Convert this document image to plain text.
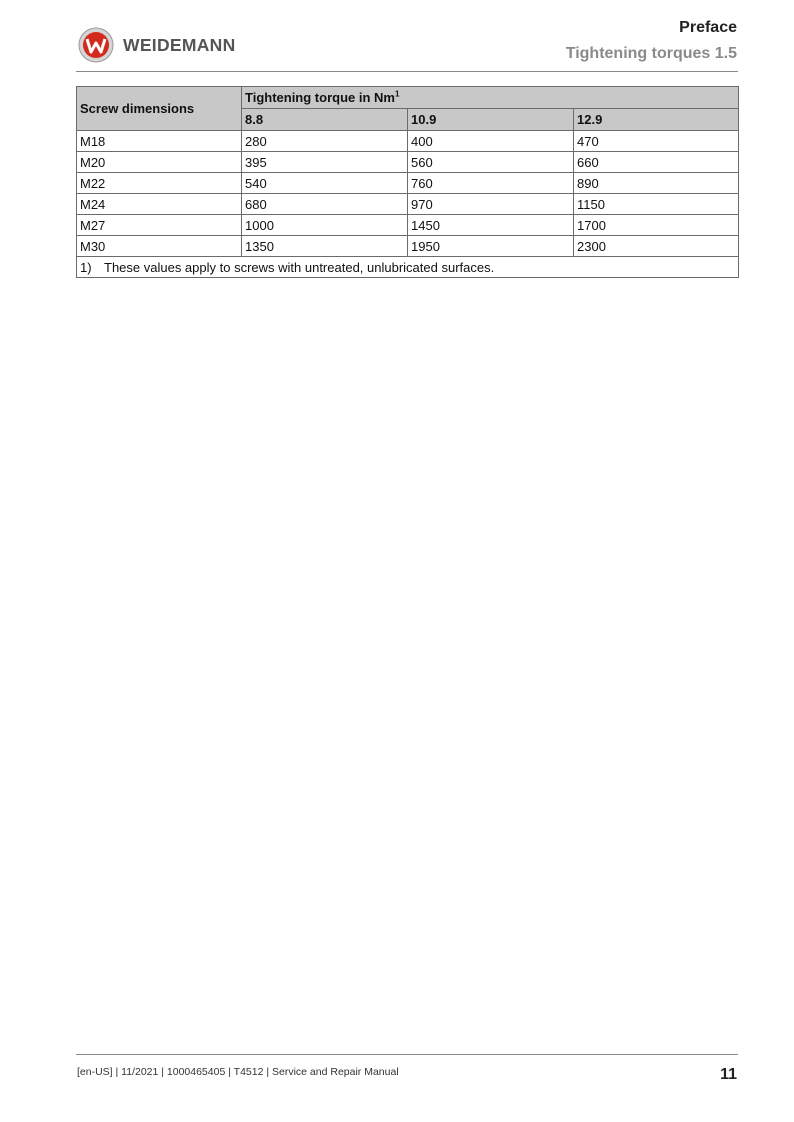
WEIDEMANN
Preface
Tightening torques 1.5
Screw dimensions	Tightening torque in Nm$^1$
	8.8	10.9	12.9
M18	280	400	470
M20	395	560	660
M22	540	760	890
M24	680	970	1150
M27	1000	1450	1700
M30	1350	1950	2300
1) These values apply to screws with untreated, unlubricated surfaces.			
[en-US] | 11/2021 | 1000465405 | T4512 | Service and Repair Manual	11
